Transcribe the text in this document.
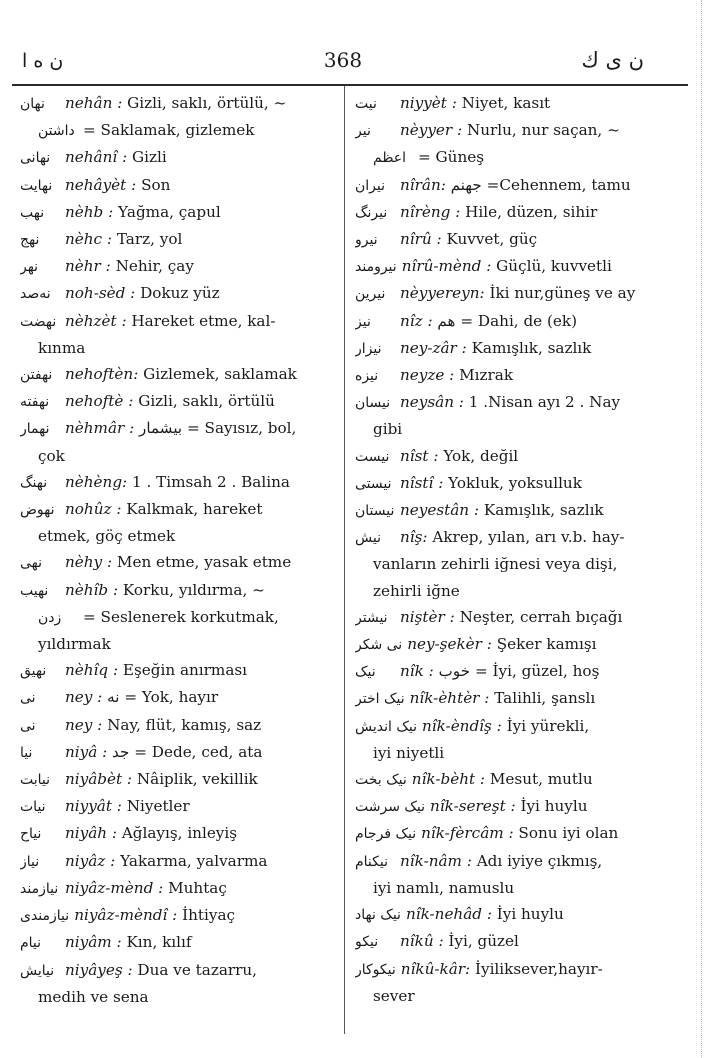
ن ه ا	368	ن ی ك
نهان nehân : Gizli, saklı, örtülü, ~
داشتن = Saklamak, gizlemek
نهانی nehânî : Gizli
نهایت nehâyèt : Son
نهب nèhb : Yağma, çapul
نهج nèhc : Tarz, yol
نهر nèhr : Nehir, çay
نه‌صد noh-sèd : Dokuz yüz
نهضت nèhzèt : Hareket etme, kal-
kınma
نهفتن nehoftèn: Gizlemek, saklamak
نهفته nehoftè : Gizli, saklı, örtülü
نهمار nèhmâr : بیشمار = Sayısız, bol,
çok
نهنگ nèhèng: 1 . Timsah 2 . Balina
نهوض nohûz : Kalkmak, hareket
etmek, göç etmek
نهی nèhy : Men etme, yasak etme
نهیب nèhîb : Korku, yıldırma, ~
زدن = Seslenerek korkutmak,
yıldırmak
نهیق nèhîq : Eşeğin anırması
نی ney : نه = Yok, hayır
نی ney : Nay, flüt, kamış, saz
نیا niyâ : جد = Dede, ced, ata
نیابت niyâbèt : Nâiplik, vekillik
نیات niyyât : Niyetler
نیاح niyâh : Ağlayış, inleyiş
نیاز niyâz : Yakarma, yalvarma
نیازمند niyâz-mènd : Muhtaç
نیازمندی niyâz-mèndî : İhtiyaç
نیام niyâm : Kın, kılıf
نیایش niyâyeş : Dua ve tazarru,
medih ve sena
نیت niyyèt : Niyet, kasıt
نیر nèyyer : Nurlu, nur saçan, ~
اعظم = Güneş
نیران nîrân: جهنم =Cehennem, tamu
نیرنگ nîrèng : Hile, düzen, sihir
نیرو nîrû : Kuvvet, güç
نیرومند nîrû-mènd : Güçlü, kuvvetli
نیرین nèyyereyn: İki nur,güneş ve ay
نیز nîz : هم = Dahi, de (ek)
نیزار ney-zâr : Kamışlık, sazlık
نیزه neyze : Mızrak
نیسان neysân : 1 .Nisan ayı 2 . Nay
gibi
نیست nîst : Yok, değil
نیستی nîstî : Yokluk, yoksulluk
نیستان neyestân : Kamışlık, sazlık
نیش nîş: Akrep, yılan, arı v.b. hay-
vanların zehirli iğnesi veya dişi,
zehirli iğne
نیشتر niştèr : Neşter, cerrah bıçağı
نی شکر ney-şekèr : Şeker kamışı
نیک nîk : خوب = İyi, güzel, hoş
نیک اختر nîk-èhtèr : Talihli, şanslı
نیک اندیش nîk-èndîş : İyi yürekli,
iyi niyetli
نیک بخت nîk-bèht : Mesut, mutlu
نیک سرشت nîk-sereşt : İyi huylu
نیک فرجام nîk-fèrcâm : Sonu iyi olan
نیکنام nîk-nâm : Adı iyiye çıkmış,
iyi namlı, namuslu
نیک نهاد nîk-nehâd : İyi huylu
نیکو nîkû : İyi, güzel
نیکوکار nîkû-kâr: İyiliksever,hayır-
sever
